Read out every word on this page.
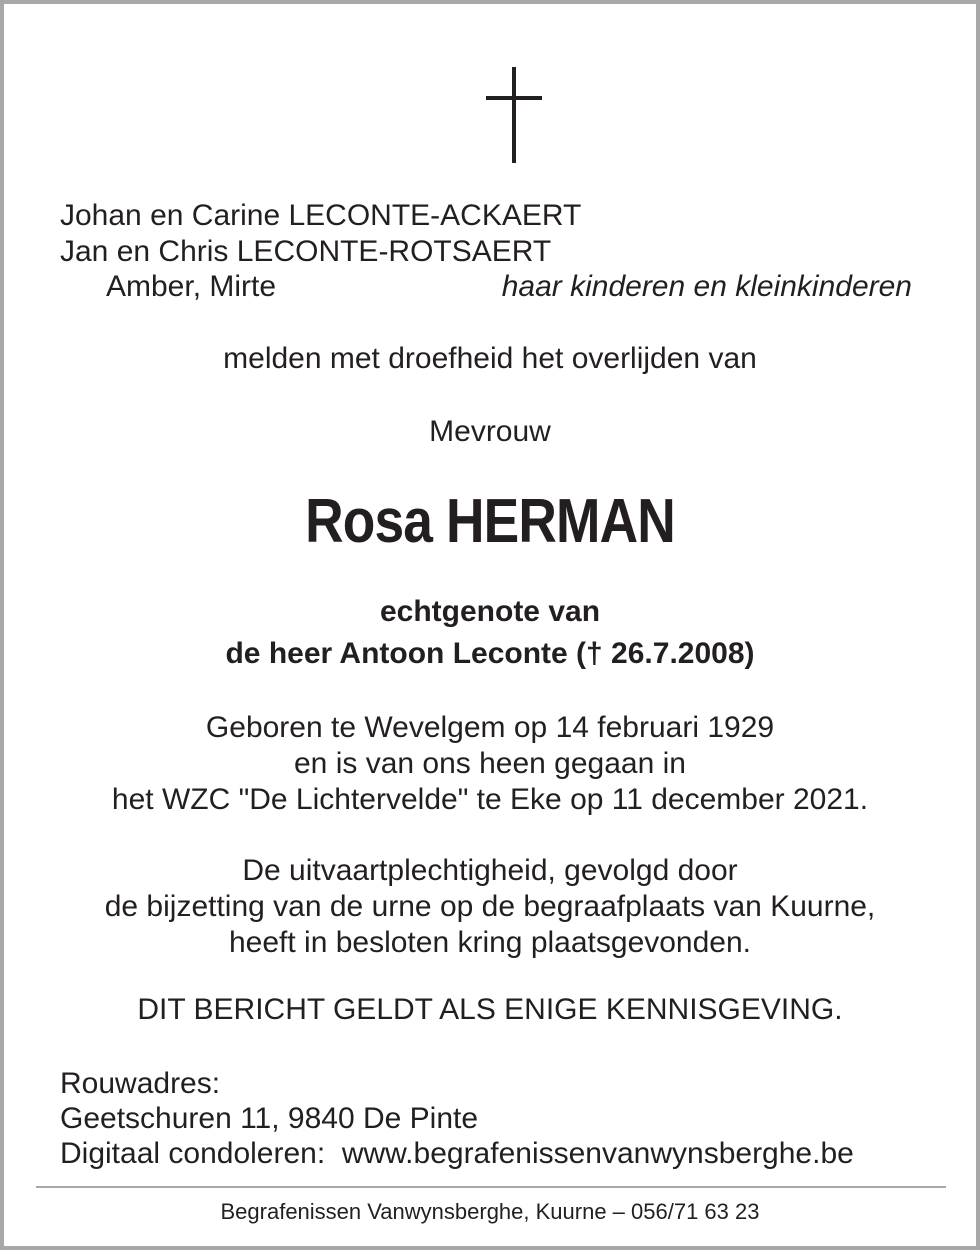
Johan en Carine LECONTE-ACKAERT
Jan en Chris LECONTE-ROTSAERT
Amber, Mirte	haar kinderen en kleinkinderen
melden met droefheid het overlijden van
Mevrouw
Rosa HERMAN
echtgenote van
de heer Antoon Leconte († 26.7.2008)
Geboren te Wevelgem op 14 februari 1929
en is van ons heen gegaan in
het WZC "De Lichtervelde" te Eke op 11 december 2021.
De uitvaartplechtigheid, gevolgd door
de bijzetting van de urne op de begraafplaats van Kuurne,
heeft in besloten kring plaatsgevonden.
DIT BERICHT GELDT ALS ENIGE KENNISGEVING.
Rouwadres:
Geetschuren 11, 9840 De Pinte
Digitaal condoleren:  www.begrafenissenvanwynsberghe.be
Begrafenissen Vanwynsberghe, Kuurne – 056/71 63 23
